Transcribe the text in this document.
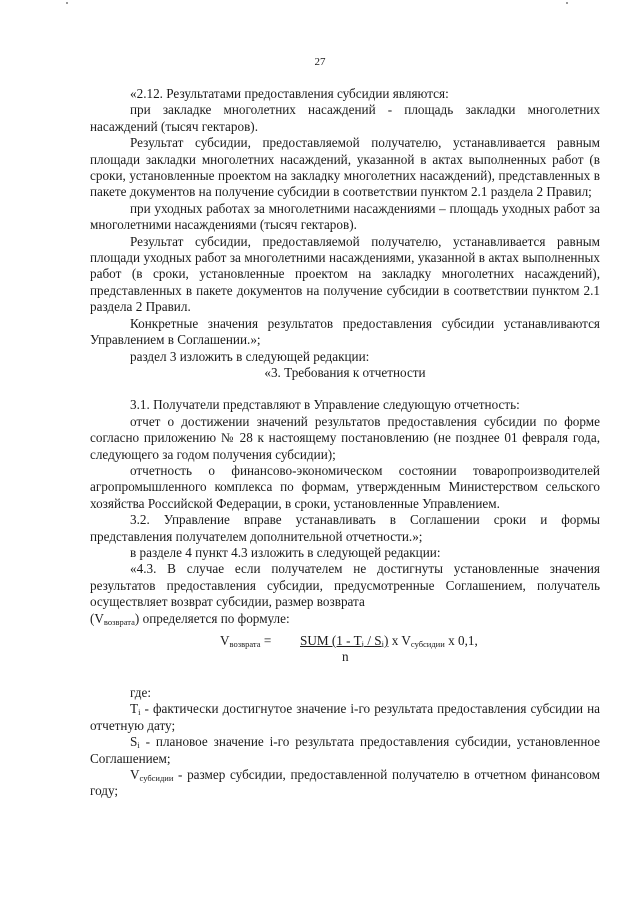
27

«2.12. Результатами предоставления субсидии являются:

при закладке многолетних насаждений - площадь закладки многолетних насаждений (тысяч гектаров).

Результат субсидии, предоставляемой получателю, устанавливается равным площади закладки многолетних насаждений, указанной в актах выполненных работ (в сроки, установленные проектом на закладку многолетних насаждений), представленных в пакете документов на получение субсидии в соответствии пунктом 2.1 раздела 2 Правил;

при уходных работах за многолетними насаждениями – площадь уходных работ за многолетними насаждениями (тысяч гектаров).

Результат субсидии, предоставляемой получателю, устанавливается равным площади уходных работ за многолетними насаждениями, указанной в актах выполненных работ (в сроки, установленные проектом на закладку многолетних насаждений), представленных в пакете документов на получение субсидии в соответствии пунктом 2.1 раздела 2 Правил.

Конкретные значения результатов предоставления субсидии устанавливаются Управлением в Соглашении.»;

раздел 3 изложить в следующей редакции:

«3. Требования к отчетности

3.1. Получатели представляют в Управление следующую отчетность:

отчет о достижении значений результатов предоставления субсидии по форме согласно приложению № 28 к настоящему постановлению (не позднее 01 февраля года, следующего за годом получения субсидии);

отчетность о финансово-экономическом состоянии товаропроизводителей агропромышленного комплекса по формам, утвержденным Министерством сельского хозяйства Российской Федерации, в сроки, установленные Управлением.

3.2. Управление вправе устанавливать в Соглашении сроки и формы представления получателем дополнительной отчетности.»;

в разделе 4 пункт 4.3 изложить в следующей редакции:

«4.3. В случае если получателем не достигнуты установленные значения результатов предоставления субсидии, предусмотренные Соглашением, получатель осуществляет возврат субсидии, размер возврата

$(V_{возврата})$ определяется по формуле:

$V_{возврата}$ = SUM $(1 - T_i / S_i)$ x $V_{субсидии}$ x 0,1,
n

где:

$T_i$ - фактически достигнутое значение i-го результата предоставления субсидии на отчетную дату;

$S_i$ - плановое значение i-го результата предоставления субсидии, установленное Соглашением;

$V_{субсидии}$ - размер субсидии, предоставленной получателю в отчетном финансовом году;
